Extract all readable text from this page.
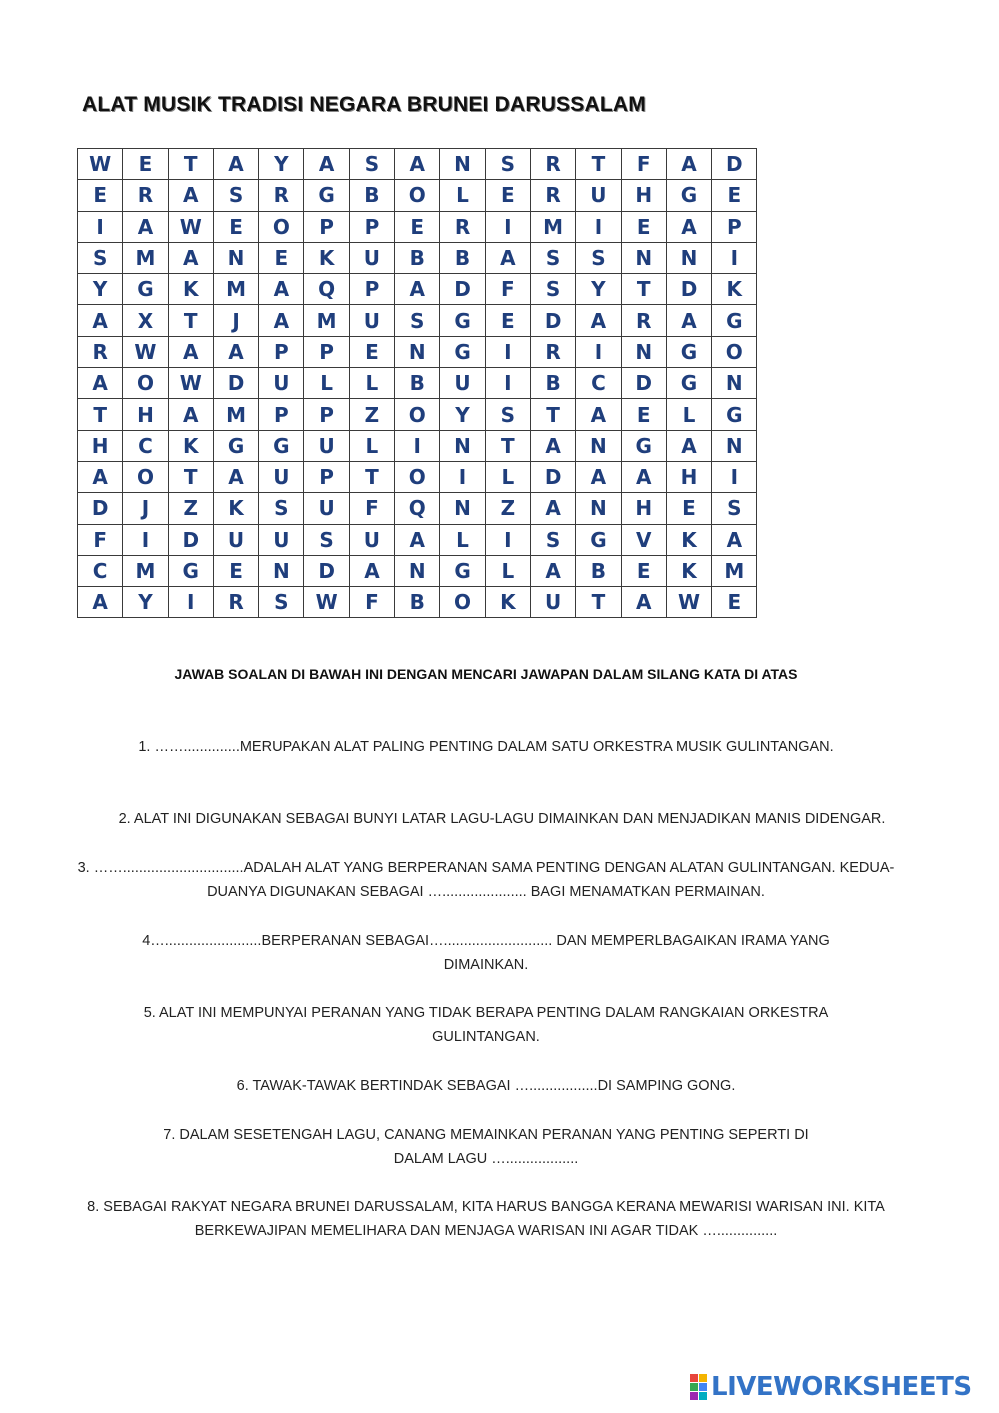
ALAT MUSIK TRADISI NEGARA BRUNEI DARUSSALAM
W	E	T	A	Y	A	S	A	N	S	R	T	F	A	D
E	R	A	S	R	G	B	O	L	E	R	U	H	G	E
I	A	W	E	O	P	P	E	R	I	M	I	E	A	P
S	M	A	N	E	K	U	B	B	A	S	S	N	N	I
Y	G	K	M	A	Q	P	A	D	F	S	Y	T	D	K
A	X	T	J	A	M	U	S	G	E	D	A	R	A	G
R	W	A	A	P	P	E	N	G	I	R	I	N	G	O
A	O	W	D	U	L	L	B	U	I	B	C	D	G	N
T	H	A	M	P	P	Z	O	Y	S	T	A	E	L	G
H	C	K	G	G	U	L	I	N	T	A	N	G	A	N
A	O	T	A	U	P	T	O	I	L	D	A	A	H	I
D	J	Z	K	S	U	F	Q	N	Z	A	N	H	E	S
F	I	D	U	U	S	U	A	L	I	S	G	V	K	A
C	M	G	E	N	D	A	N	G	L	A	B	E	K	M
A	Y	I	R	S	W	F	B	O	K	U	T	A	W	E
JAWAB SOALAN DI BAWAH INI DENGAN MENCARI JAWAPAN DALAM SILANG KATA DI ATAS
1. ……..............MERUPAKAN ALAT PALING PENTING DALAM SATU ORKESTRA MUSIK GULINTANGAN.
2. ALAT INI DIGUNAKAN SEBAGAI BUNYI LATAR LAGU-LAGU DIMAINKAN DAN MENJADIKAN MANIS DIDENGAR.
3. ……..............................ADALAH ALAT YANG BERPERANAN SAMA PENTING DENGAN ALATAN GULINTANGAN. KEDUA-
DUANYA DIGUNAKAN SEBAGAI …..................... BAGI MENAMATKAN PERMAINAN.
4…........................BERPERANAN SEBAGAI…........................... DAN MEMPERLBAGAIKAN IRAMA YANG
DIMAINKAN.
5. ALAT INI MEMPUNYAI PERANAN YANG TIDAK BERAPA PENTING DALAM RANGKAIAN ORKESTRA
GULINTANGAN.
6. TAWAK-TAWAK BERTINDAK SEBAGAI ….................DI SAMPING GONG.
7. DALAM SESETENGAH LAGU, CANANG MEMAINKAN PERANAN YANG PENTING SEPERTI DI
DALAM LAGU …..................
8. SEBAGAI RAKYAT NEGARA BRUNEI DARUSSALAM, KITA HARUS BANGGA KERANA MEWARISI WARISAN INI. KITA
BERKEWAJIPAN MEMELIHARA DAN MENJAGA WARISAN INI AGAR TIDAK …...............
LIVEWORKSHEETS
